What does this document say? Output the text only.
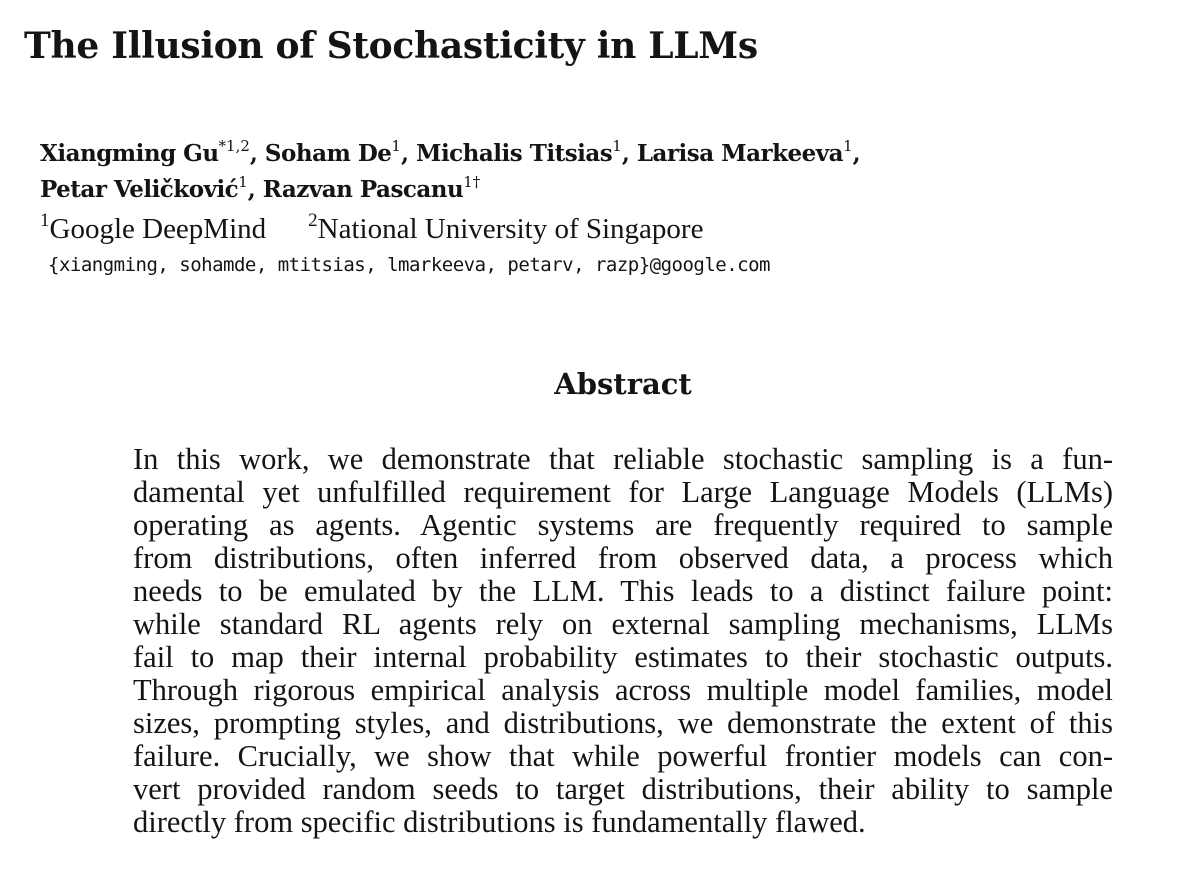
The Illusion of Stochasticity in LLMs
Xiangming Gu$^{*1,2}$, Soham De$^1$, Michalis Titsias$^1$, Larisa Markeeva$^1$,
Petar Veličković$^1$, Razvan Pascanu$^{1\dagger}$
$^1$Google DeepMind $^2$National University of Singapore
{xiangming, sohamde, mtitsias, lmarkeeva, petarv, razp}@google.com
Abstract
In this work, we demonstrate that reliable stochastic sampling is a fun-
damental yet unfulfilled requirement for Large Language Models (LLMs)
operating as agents. Agentic systems are frequently required to sample
from distributions, often inferred from observed data, a process which
needs to be emulated by the LLM. This leads to a distinct failure point:
while standard RL agents rely on external sampling mechanisms, LLMs
fail to map their internal probability estimates to their stochastic outputs.
Through rigorous empirical analysis across multiple model families, model
sizes, prompting styles, and distributions, we demonstrate the extent of this
failure. Crucially, we show that while powerful frontier models can con-
vert provided random seeds to target distributions, their ability to sample
directly from specific distributions is fundamentally flawed.
